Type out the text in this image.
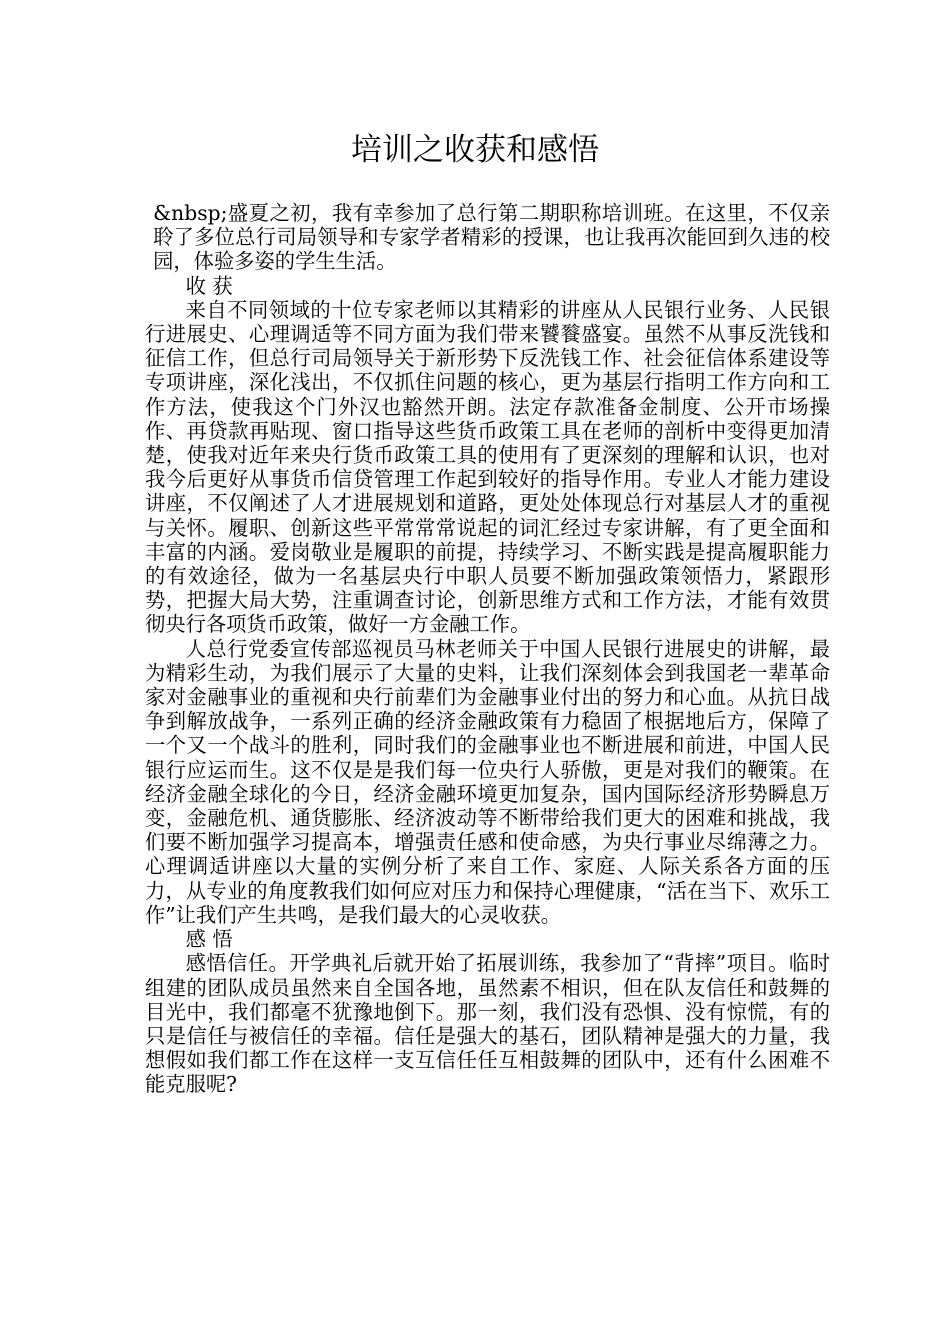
培训之收获和感悟

&nbsp;盛夏之初，我有幸参加了总行第二期职称培训班。在这里，不仅亲聆了多位总行司局领导和专家学者精彩的授课，也让我再次能回到久违的校园，体验多姿的学生生活。

收 获

来自不同领域的十位专家老师以其精彩的讲座从人民银行业务、人民银行进展史、心理调适等不同方面为我们带来饕餮盛宴。虽然不从事反洗钱和征信工作，但总行司局领导关于新形势下反洗钱工作、社会征信体系建设等专项讲座，深化浅出，不仅抓住问题的核心，更为基层行指明工作方向和工作方法，使我这个门外汉也豁然开朗。法定存款准备金制度、公开市场操作、再贷款再贴现、窗口指导这些货币政策工具在老师的剖析中变得更加清楚，使我对近年来央行货币政策工具的使用有了更深刻的理解和认识，也对我今后更好从事货币信贷管理工作起到较好的指导作用。专业人才能力建设讲座，不仅阐述了人才进展规划和道路，更处处体现总行对基层人才的重视与关怀。履职、创新这些平常常常说起的词汇经过专家讲解，有了更全面和丰富的内涵。爱岗敬业是履职的前提，持续学习、不断实践是提高履职能力的有效途径，做为一名基层央行中职人员要不断加强政策领悟力，紧跟形势，把握大局大势，注重调查讨论，创新思维方式和工作方法，才能有效贯彻央行各项货币政策，做好一方金融工作。

人总行党委宣传部巡视员马林老师关于中国人民银行进展史的讲解，最为精彩生动，为我们展示了大量的史料，让我们深刻体会到我国老一辈革命家对金融事业的重视和央行前辈们为金融事业付出的努力和心血。从抗日战争到解放战争，一系列正确的经济金融政策有力稳固了根据地后方，保障了一个又一个战斗的胜利，同时我们的金融事业也不断进展和前进，中国人民银行应运而生。这不仅是是我们每一位央行人骄傲，更是对我们的鞭策。在经济金融全球化的今日，经济金融环境更加复杂，国内国际经济形势瞬息万变，金融危机、通货膨胀、经济波动等不断带给我们更大的困难和挑战，我们要不断加强学习提高本，增强责任感和使命感，为央行事业尽绵薄之力。心理调适讲座以大量的实例分析了来自工作、家庭、人际关系各方面的压力，从专业的角度教我们如何应对压力和保持心理健康，“活在当下、欢乐工作”让我们产生共鸣，是我们最大的心灵收获。

感 悟

感悟信任。开学典礼后就开始了拓展训练，我参加了“背摔”项目。临时组建的团队成员虽然来自全国各地，虽然素不相识，但在队友信任和鼓舞的目光中，我们都毫不犹豫地倒下。那一刻，我们没有恐惧、没有惊慌，有的只是信任与被信任的幸福。信任是强大的基石，团队精神是强大的力量，我想假如我们都工作在这样一支互信任任互相鼓舞的团队中，还有什么困难不能克服呢?
